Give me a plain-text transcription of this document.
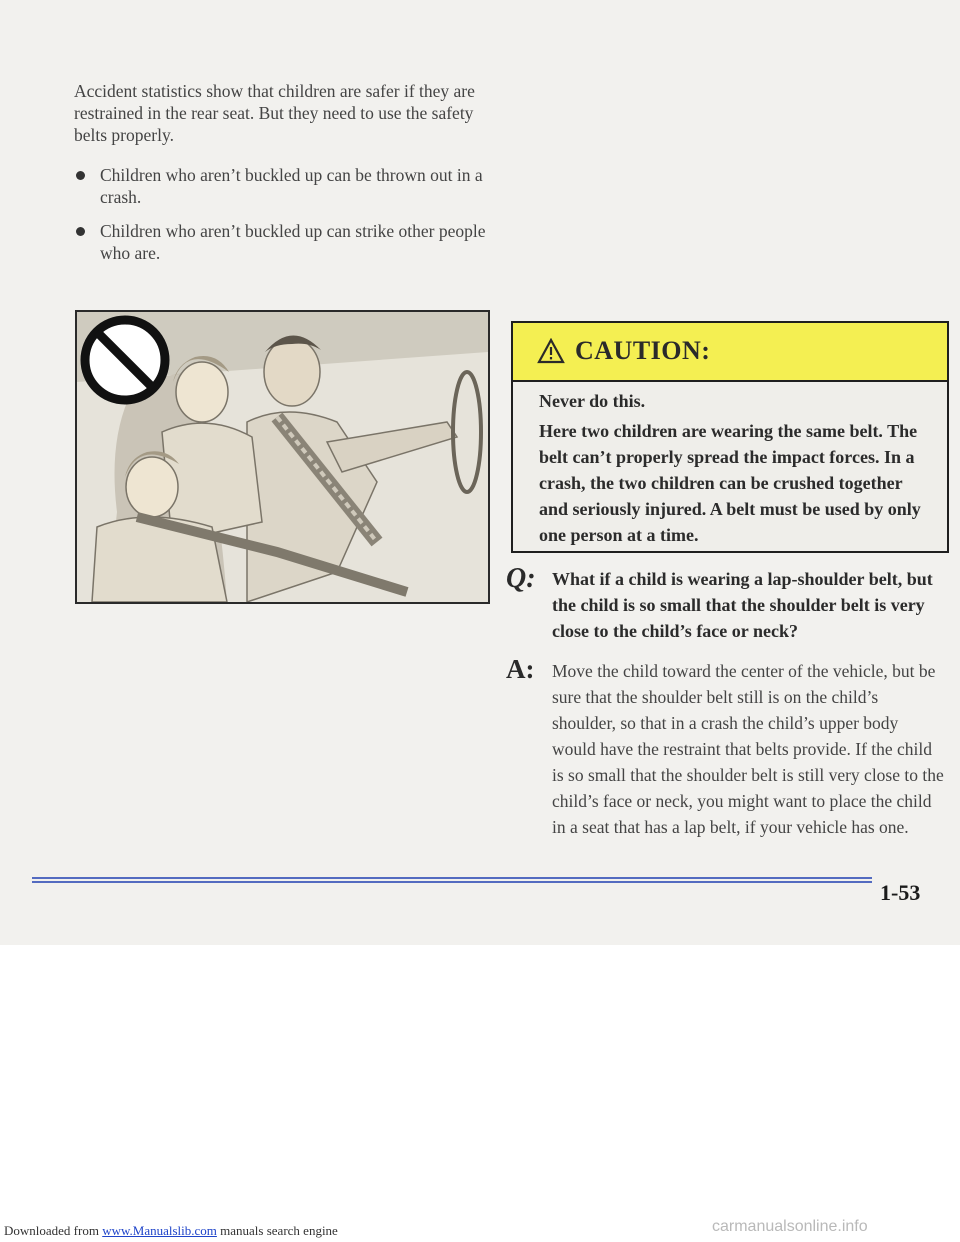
Accident statistics show that children are safer if they are restrained in the rear seat. But they need to use the safety belts properly.
Children who aren’t buckled up can be thrown out in a crash.
Children who aren’t buckled up can strike other people who are.
CAUTION:

Never do this.

Here two children are wearing the same belt. The belt can’t properly spread the impact forces. In a crash, the two children can be crushed together and seriously injured. A belt must be used by only one person at a time.

Q: What if a child is wearing a lap-shoulder belt, but the child is so small that the shoulder belt is very close to the child’s face or neck?
A: Move the child toward the center of the vehicle, but be sure that the shoulder belt still is on the child’s shoulder, so that in a crash the child’s upper body would have the restraint that belts provide. If the child is so small that the shoulder belt is still very close to the child’s face or neck, you might want to place the child in a seat that has a lap belt, if your vehicle has one.
1-53
Downloaded from www.Manualslib.com manuals search engine	carmanualsonline.info
